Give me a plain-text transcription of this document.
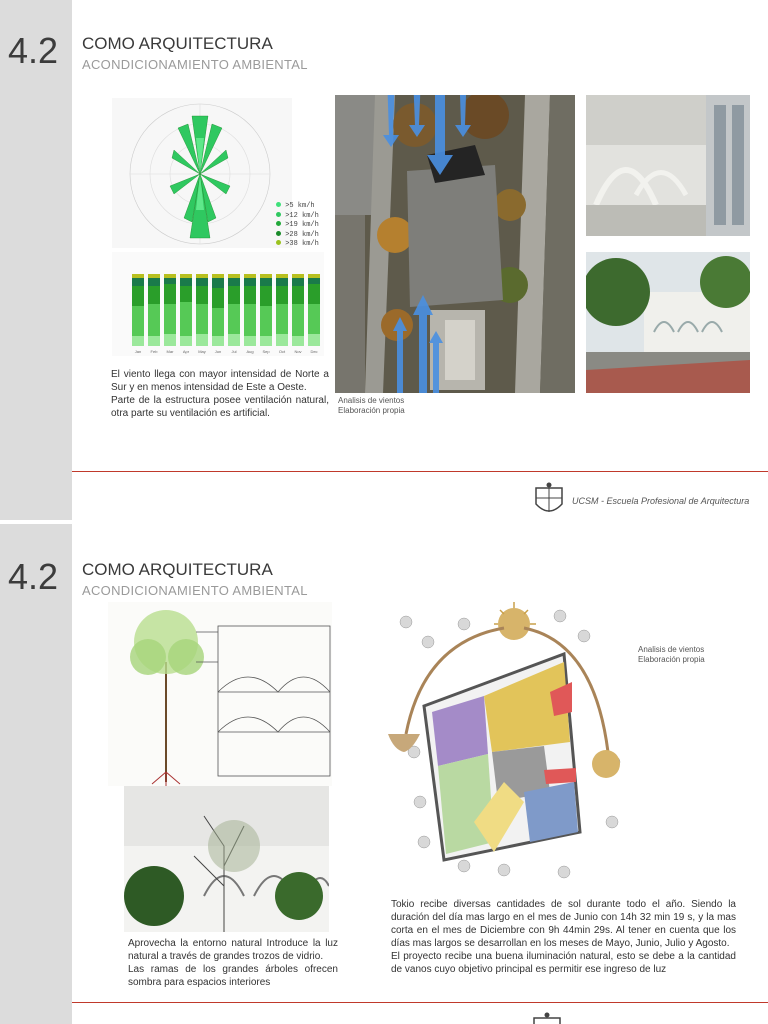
4.2 COMO ARQUITECTURA
ACONDICIONAMIENTO AMBIENTAL
>5 km/h
>12 km/h
>19 km/h
>28 km/h
>38 km/h
Jan Feb Mar Apr May Jun	Jul Aug Sep Oct Nov Dec
El viento llega con mayor intensidad de Norte a Sur y en menos intensidad de Este a Oeste.
Parte de la estructura posee ventilación natural, otra parte su ventilación es artificial.
Analisis de vientos
Elaboración propia
UCSM - Escuela Profesional de Arquitectura
4.2 COMO ARQUITECTURA
ACONDICIONAMIENTO AMBIENTAL
Aprovecha la entorno natural Introduce la luz natural a través de grandes trozos de vidrio.
Las ramas de los grandes árboles ofrecen sombra para espacios interiores
Analisis de vientos
Elaboración propia
Tokio recibe diversas cantidades de sol durante todo el año. Siendo la duración del día mas largo en el mes de Junio con 14h 32 min 19 s, y la mas corta en el mes de Diciembre con 9h 44min 29s. Al tener en cuenta que los días mas largos se desarrollan en los meses de Mayo, Junio, Julio y Agosto.
El proyecto recibe una buena iluminación natural, esto se debe a la cantidad de vanos cuyo objetivo principal es permitir ese ingreso de luz
